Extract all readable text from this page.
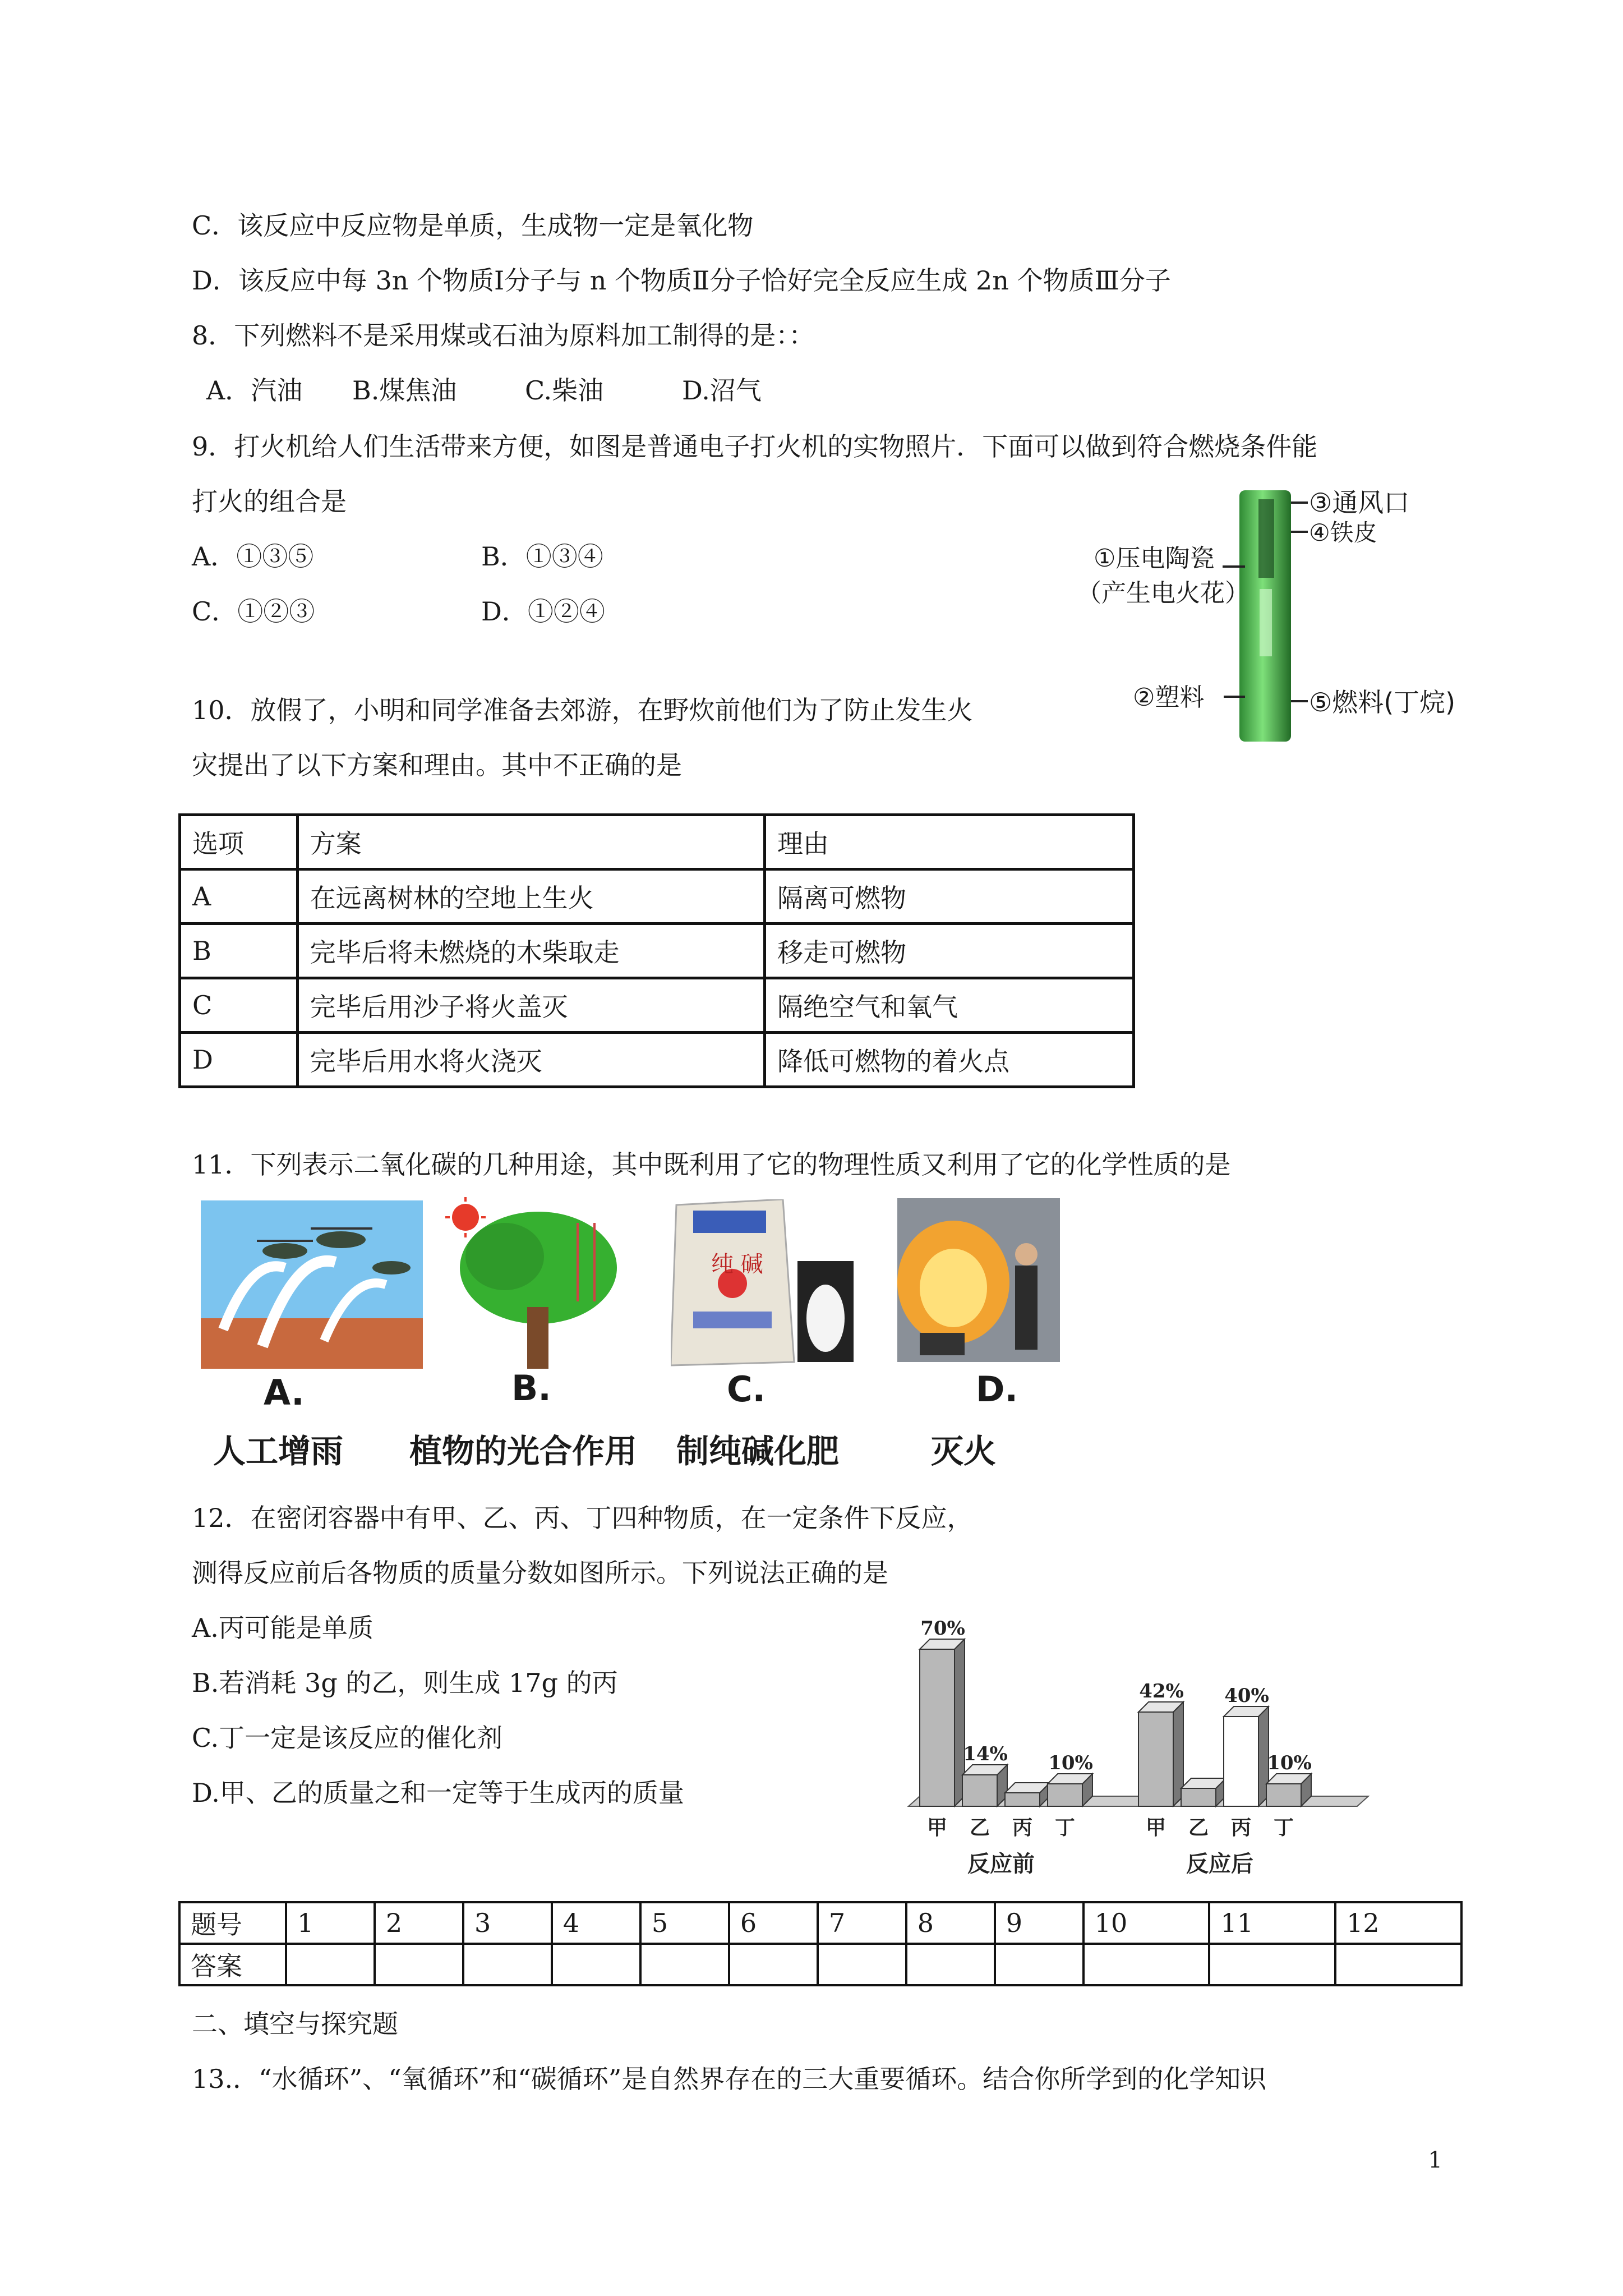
C．该反应中反应物是单质，生成物一定是氧化物
D．该反应中每 3n 个物质Ⅰ分子与 n 个物质Ⅱ分子恰好完全反应生成 2n 个物质Ⅲ分子
8．下列燃料不是采用煤或石油为原料加工制得的是：：
A．汽油 B.煤焦油	C.柴油	D.沼气
9．打火机给人们生活带来方便，如图是普通电子打火机的实物照片．下面可以做到符合燃烧条件能
打火的组合是
A．①③⑤	B．①③④
C．①②③	D．①②④
③通风口
④铁皮
①压电陶瓷
（产生电火花）
②塑料	⑤燃料(丁烷)
10．放假了，小明和同学准备去郊游，在野炊前他们为了防止发生火
灾提出了以下方案和理由。其中不正确的是
选项	方案	理由
A	在远离树林的空地上生火	隔离可燃物
B	完毕后将未燃烧的木柴取走	移走可燃物
C	完毕后用沙子将火盖灭	隔绝空气和氧气
D	完毕后用水将火浇灭	降低可燃物的着火点
11．下列表示二氧化碳的几种用途，其中既利用了它的物理性质又利用了它的化学性质的是
纯 碱
A.	B.	C.	D.
人工增雨 植物的光合作用 制纯碱化肥	灭火
12．在密闭容器中有甲、乙、丙、丁四种物质，在一定条件下反应，
测得反应前后各物质的质量分数如图所示。下列说法正确的是
A.丙可能是单质
B.若消耗 3g 的乙，则生成 17g 的丙
C.丁一定是该反应的催化剂
D.甲、乙的质量之和一定等于生成丙的质量
70%
甲
14%
乙 丙
10%
丁
反应前
42%
甲 乙
40%
丙
10%
丁
反应后
题号	1	2	3	4	5	6	7	8	9	10	11	12
答案												
二、填空与探究题
13.．“水循环”、“氧循环”和“碳循环”是自然界存在的三大重要循环。结合你所学到的化学知识
1
